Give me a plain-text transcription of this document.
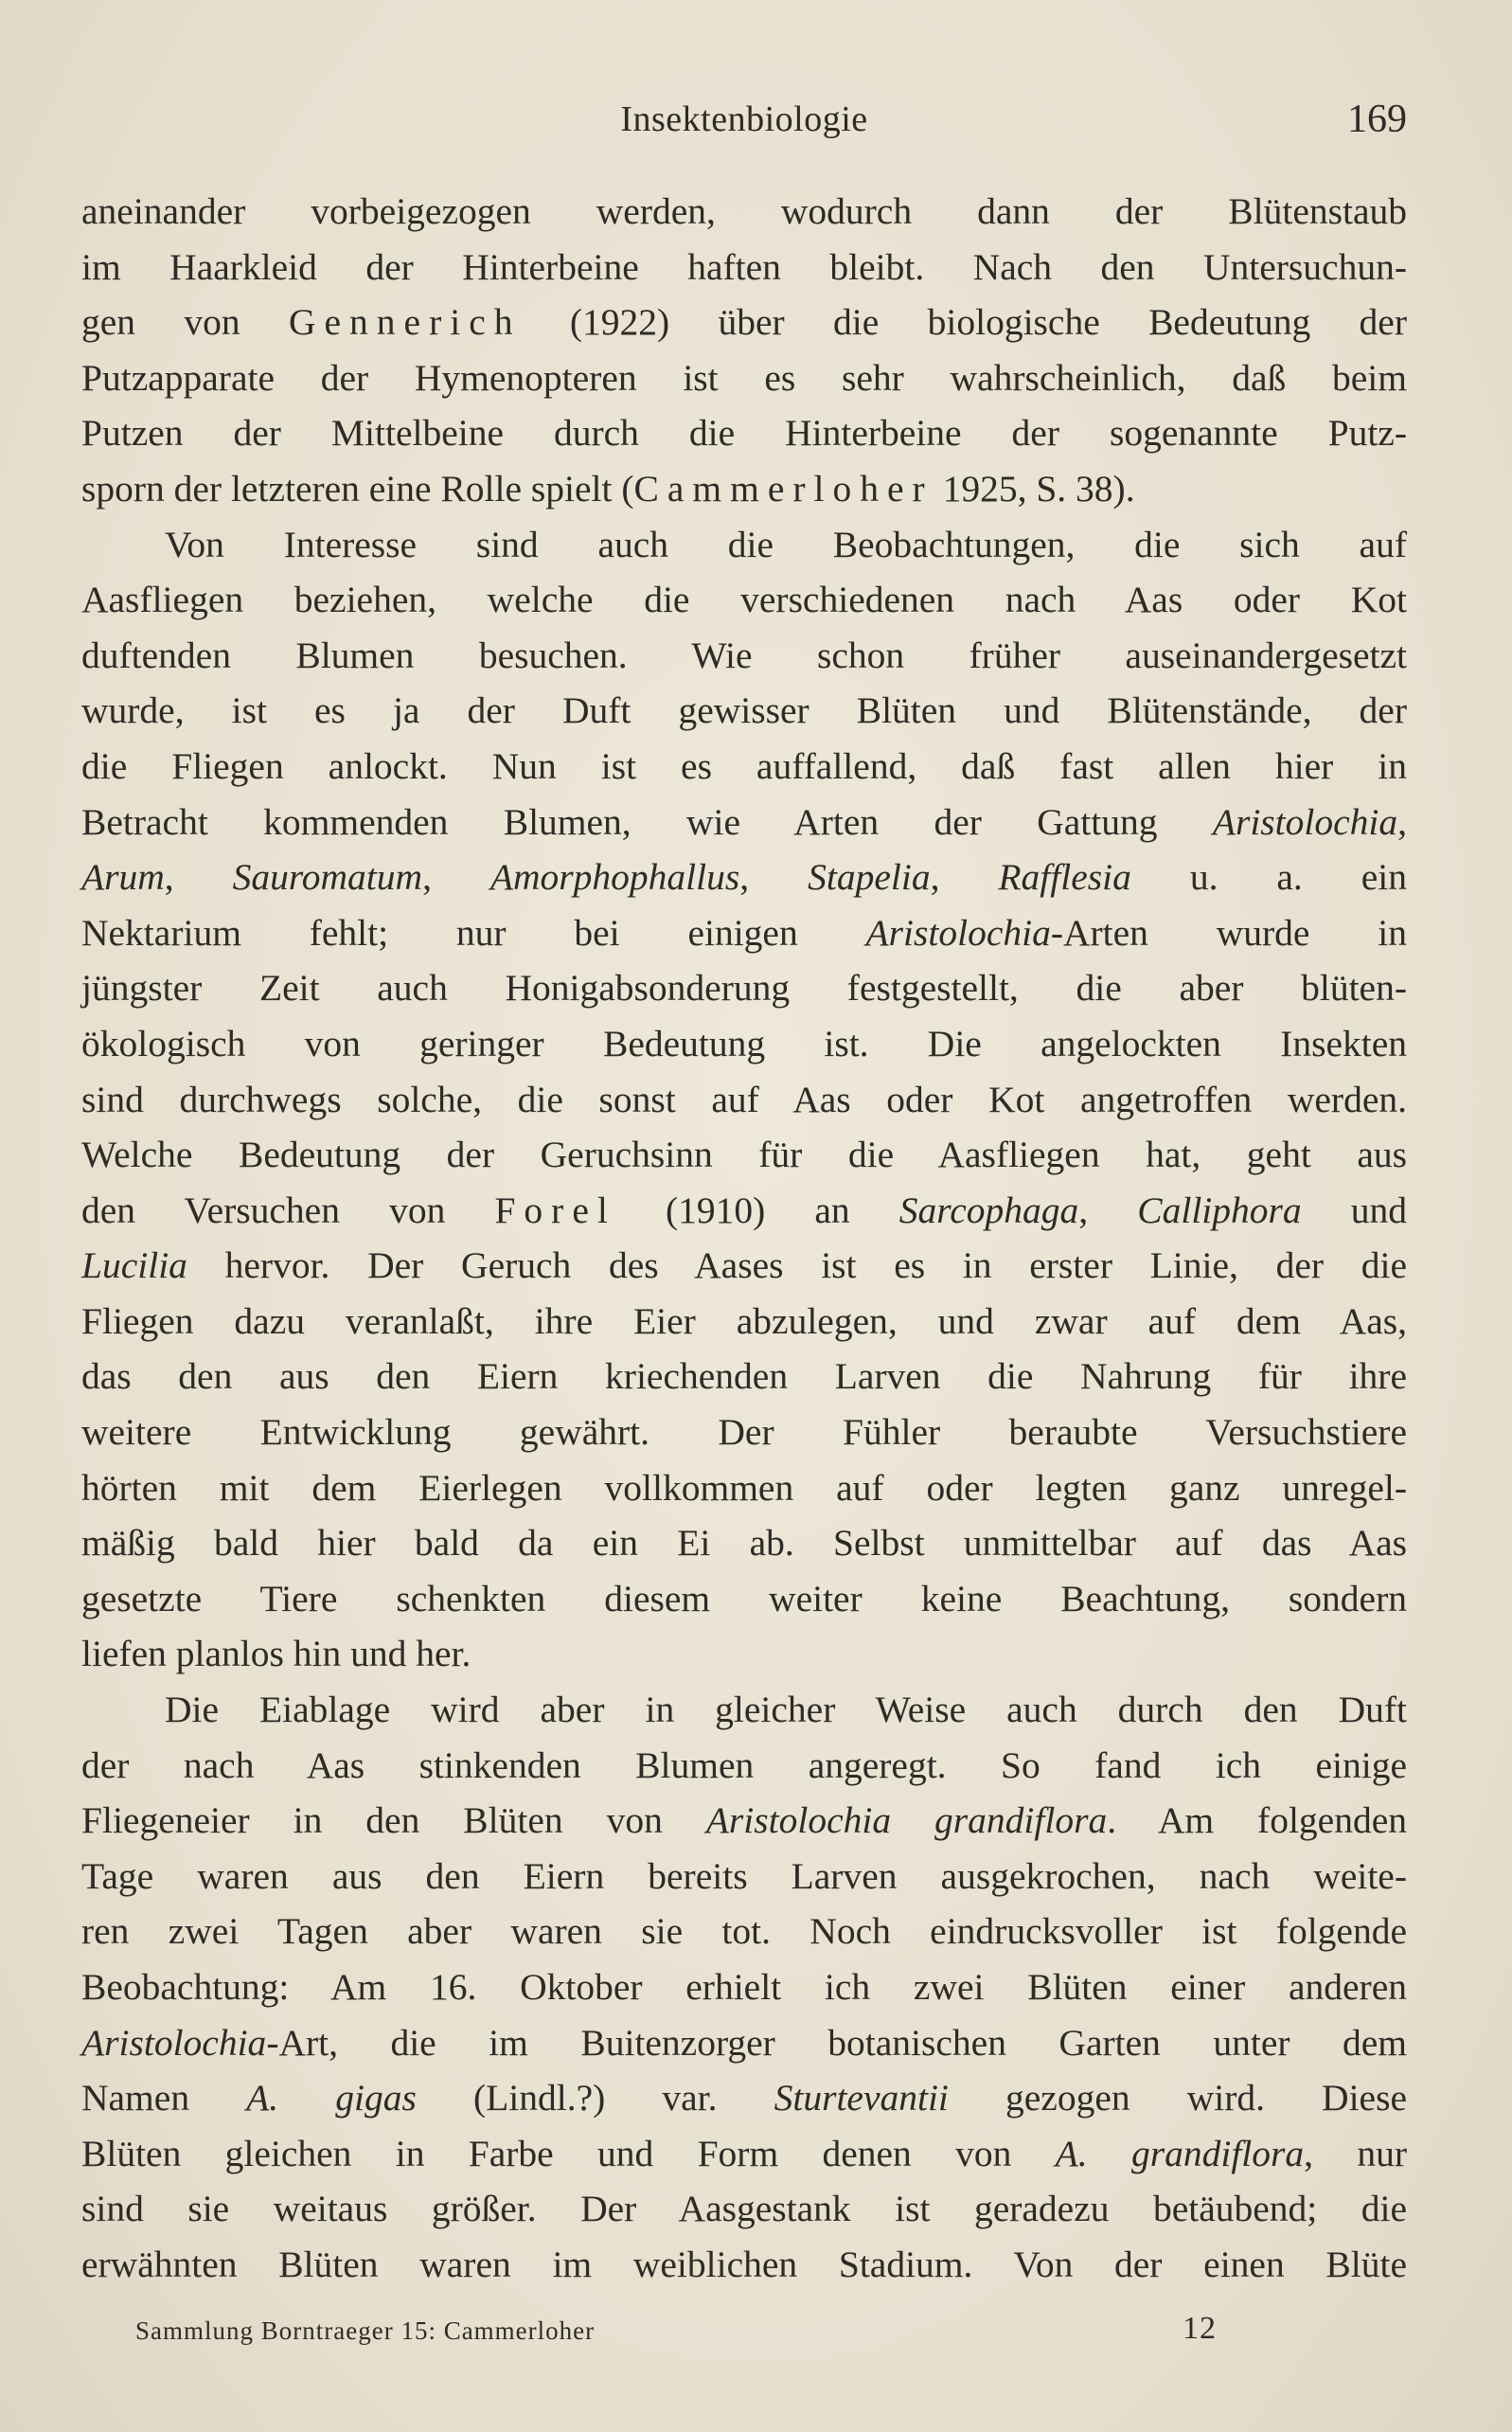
Insektenbiologie	169
aneinander vorbeigezogen werden, wodurch dann der Blütenstaub
im Haarkleid der Hinterbeine haften bleibt. Nach den Untersuchun-
gen von Gennerich (1922) über die biologische Bedeutung der
Putzapparate der Hymenopteren ist es sehr wahrscheinlich, daß beim
Putzen der Mittelbeine durch die Hinterbeine der sogenannte Putz-
sporn der letzteren eine Rolle spielt (Cammerloher 1925, S. 38).
Von Interesse sind auch die Beobachtungen, die sich auf
Aasfliegen beziehen, welche die verschiedenen nach Aas oder Kot
duftenden Blumen besuchen. Wie schon früher auseinandergesetzt
wurde, ist es ja der Duft gewisser Blüten und Blütenstände, der
die Fliegen anlockt. Nun ist es auffallend, daß fast allen hier in
Betracht kommenden Blumen, wie Arten der Gattung Aristolochia,
Arum, Sauromatum, Amorphophallus, Stapelia, Rafflesia u. a. ein
Nektarium fehlt; nur bei einigen Aristolochia-Arten wurde in
jüngster Zeit auch Honigabsonderung festgestellt, die aber blüten-
ökologisch von geringer Bedeutung ist. Die angelockten Insekten
sind durchwegs solche, die sonst auf Aas oder Kot angetroffen werden.
Welche Bedeutung der Geruchsinn für die Aasfliegen hat, geht aus
den Versuchen von Forel (1910) an Sarcophaga, Calliphora und
Lucilia hervor. Der Geruch des Aases ist es in erster Linie, der die
Fliegen dazu veranlaßt, ihre Eier abzulegen, und zwar auf dem Aas,
das den aus den Eiern kriechenden Larven die Nahrung für ihre
weitere Entwicklung gewährt. Der Fühler beraubte Versuchstiere
hörten mit dem Eierlegen vollkommen auf oder legten ganz unregel-
mäßig bald hier bald da ein Ei ab. Selbst unmittelbar auf das Aas
gesetzte Tiere schenkten diesem weiter keine Beachtung, sondern
liefen planlos hin und her.
Die Eiablage wird aber in gleicher Weise auch durch den Duft
der nach Aas stinkenden Blumen angeregt. So fand ich einige
Fliegeneier in den Blüten von Aristolochia grandiflora. Am folgenden
Tage waren aus den Eiern bereits Larven ausgekrochen, nach weite-
ren zwei Tagen aber waren sie tot. Noch eindrucksvoller ist folgende
Beobachtung: Am 16. Oktober erhielt ich zwei Blüten einer anderen
Aristolochia-Art, die im Buitenzorger botanischen Garten unter dem
Namen A. gigas (Lindl.?) var. Sturtevantii gezogen wird. Diese
Blüten gleichen in Farbe und Form denen von A. grandiflora, nur
sind sie weitaus größer. Der Aasgestank ist geradezu betäubend; die
erwähnten Blüten waren im weiblichen Stadium. Von der einen Blüte
Sammlung Borntraeger 15: Cammerloher	12
